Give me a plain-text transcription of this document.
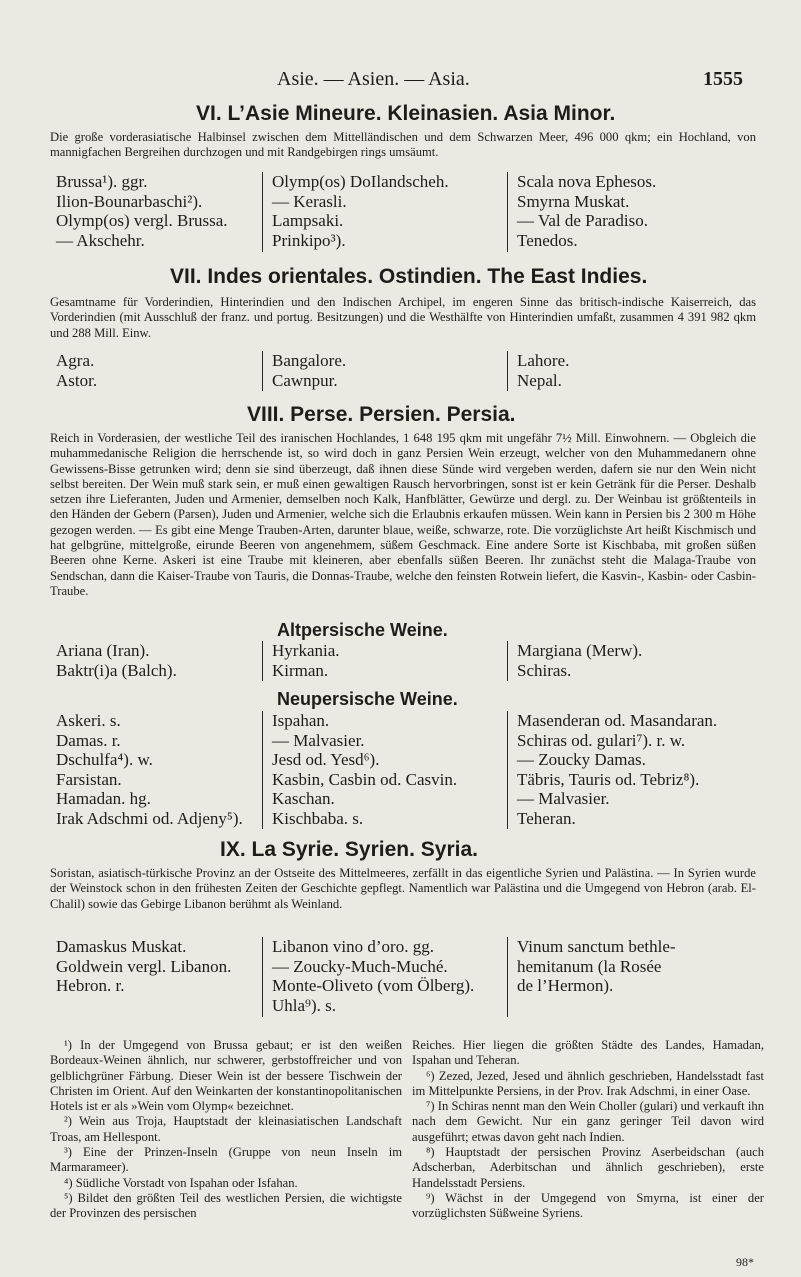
Asie. — Asien. — Asia.	1555
VI. L’Asie Mineure. Kleinasien. Asia Minor.

Die große vorderasiatische Halbinsel zwischen dem Mittelländischen und dem Schwarzen Meer, 496 000 qkm; ein Hochland, von mannigfachen Bergreihen durchzogen und mit Randgebirgen rings umsäumt.

Brussa¹). ggr.
Ilion-Bounarbaschi²).
Olymp(os) vergl. Brussa.
— Akschehr.
Olymp(os) DoIlandscheh.
— Kerasli.
Lampsaki.
Prinkipo³).
Scala nova Ephesos.
Smyrna Muskat.
— Val de Paradiso.
Tenedos.
VII. Indes orientales. Ostindien. The East Indies.

Gesamtname für Vorderindien, Hinterindien und den Indischen Archipel, im engeren Sinne das britisch-indische Kaiserreich, das Vorderindien (mit Ausschluß der franz. und portug. Besitzungen) und die Westhälfte von Hinterindien umfaßt, zusammen 4 391 982 qkm und 288 Mill. Einw.

Agra.
Astor.
Bangalore.
Cawnpur.
Lahore.
Nepal.
VIII. Perse. Persien. Persia.

Reich in Vorderasien, der westliche Teil des iranischen Hochlandes, 1 648 195 qkm mit ungefähr 7½ Mill. Einwohnern. — Obgleich die muhammedanische Religion die herrschende ist, so wird doch in ganz Persien Wein erzeugt, welcher von den Muhammedanern ohne Gewissens-Bisse getrunken wird; denn sie sind überzeugt, daß ihnen diese Sünde wird vergeben werden, dafern sie nur den Wein nicht selbst bereiten. Der Wein muß stark sein, er muß einen gewaltigen Rausch hervorbringen, sonst ist er kein Getränk für die Perser. Deshalb setzen ihre Lieferanten, Juden und Armenier, demselben noch Kalk, Hanfblätter, Gewürze und dergl. zu. Der Weinbau ist größtenteils in den Händen der Gebern (Parsen), Juden und Armenier, welche sich die Erlaubnis erkaufen müssen. Wein kann in Persien bis 2 300 m Höhe gezogen werden. — Es gibt eine Menge Trauben-Arten, darunter blaue, weiße, schwarze, rote. Die vorzüglichste Art heißt Kischmisch und hat gelbgrüne, mittelgroße, eirunde Beeren von angenehmem, süßem Geschmack. Eine andere Sorte ist Kischbaba, mit großen süßen Beeren ohne Kerne. Askeri ist eine Traube mit kleineren, aber ebenfalls süßen Beeren. Ihr zunächst steht die Malaga-Traube von Sendschan, dann die Kaiser-Traube von Tauris, die Donnas-Traube, welche den feinsten Rotwein liefert, die Kasvin-, Kasbin- oder Casbin-Traube.

Altpersische Weine.
Ariana (Iran).
Baktr(i)a (Balch).
Hyrkania.
Kirman.
Margiana (Merw).
Schiras.
Neupersische Weine.
Askeri. s.
Damas. r.
Dschulfa⁴). w.
Farsistan.
Hamadan. hg.
Irak Adschmi od. Adjeny⁵).
Ispahan.
— Malvasier.
Jesd od. Yesd⁶).
Kasbin, Casbin od. Casvin.
Kaschan.
Kischbaba. s.
Masenderan od. Masandaran.
Schiras od. gulari⁷). r. w.
— Zoucky Damas.
Täbris, Tauris od. Tebriz⁸).
— Malvasier.
Teheran.
IX. La Syrie. Syrien. Syria.

Soristan, asiatisch-türkische Provinz an der Ostseite des Mittelmeeres, zerfällt in das eigentliche Syrien und Palästina. — In Syrien wurde der Weinstock schon in den frühesten Zeiten der Geschichte gepflegt. Namentlich war Palästina und die Umgegend von Hebron (arab. El-Chalil) sowie das Gebirge Libanon berühmt als Weinland.

Damaskus Muskat.
Goldwein vergl. Libanon.
Hebron. r.
Libanon vino d’oro. gg.
— Zoucky-Much-Muché.
Monte-Oliveto (vom Ölberg).
Uhla⁹). s.
Vinum sanctum bethle-
hemitanum (la Rosée
de l’Hermon).

¹) In der Umgegend von Brussa gebaut; er ist den weißen Bordeaux-Weinen ähnlich, nur schwerer, gerbstoffreicher und von gelblichgrüner Färbung. Dieser Wein ist der bessere Tischwein der Christen im Orient. Auf den Weinkarten der konstantinopolitanischen Hotels ist er als »Wein vom Olymp« bezeichnet.

²) Wein aus Troja, Hauptstadt der kleinasiatischen Landschaft Troas, am Hellespont.

³) Eine der Prinzen-Inseln (Gruppe von neun Inseln im Marmarameer).

⁴) Südliche Vorstadt von Ispahan oder Isfahan.

⁵) Bildet den größten Teil des westlichen Persien, die wichtigste der Provinzen des persischen

Reiches. Hier liegen die größten Städte des Landes, Hamadan, Ispahan und Teheran.

⁶) Zezed, Jezed, Jesed und ähnlich geschrieben, Handelsstadt fast im Mittelpunkte Persiens, in der Prov. Irak Adschmi, in einer Oase.

⁷) In Schiras nennt man den Wein Choller (gulari) und verkauft ihn nach dem Gewicht. Nur ein ganz geringer Teil davon wird ausgeführt; etwas davon geht nach Indien.

⁸) Hauptstadt der persischen Provinz Aserbeidschan (auch Adscherban, Aderbitschan und ähnlich geschrieben), erste Handelsstadt Persiens.

⁹) Wächst in der Umgegend von Smyrna, ist einer der vorzüglichsten Süßweine Syriens.

98*
